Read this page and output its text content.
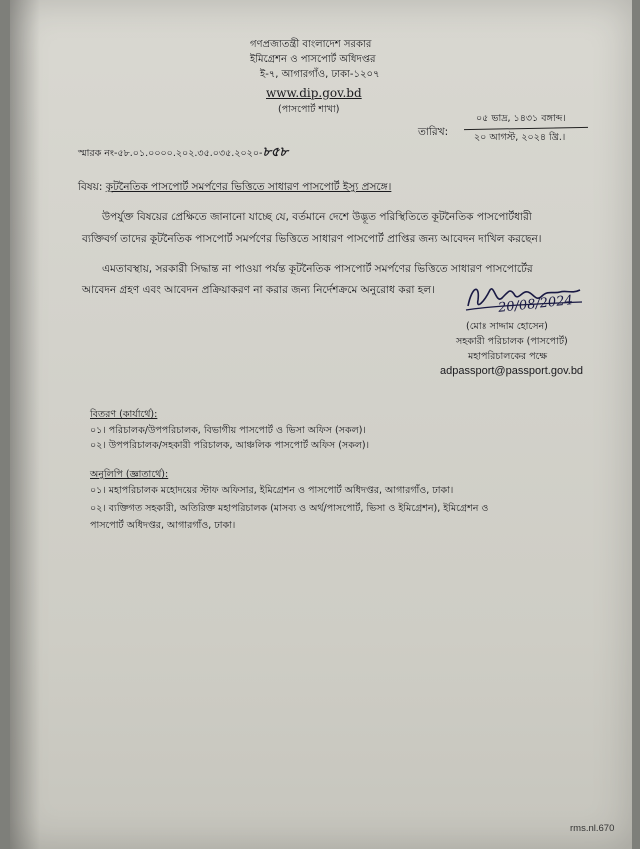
গণপ্রজাতন্ত্রী বাংলাদেশ সরকার
ইমিগ্রেশন ও পাসপোর্ট অধিদপ্তর
ই-৭, আগারগাঁও, ঢাকা-১২০৭
www.dip.gov.bd
(পাসপোর্ট শাখা)
স্মারক নং-৫৮.০১.০০০০.২০২.৩৫.০৩৫.২০২০-৮৫৮
তারিখ:
০৫ ভাদ্র, ১৪৩১ বঙ্গাব্দ।
২০ আগস্ট, ২০২৪ খ্রি.।
বিষয়: কূটনৈতিক পাসপোর্ট সমর্পণের ভিত্তিতে সাধারণ পাসপোর্ট ইস্যু প্রসঙ্গে।
উপর্যুক্ত বিষয়ের প্রেক্ষিতে জানানো যাচ্ছে যে, বর্তমানে দেশে উদ্ভূত পরিস্থিতিতে কূটনৈতিক পাসপোর্টধারী
ব্যক্তিবর্গ তাদের কূটনৈতিক পাসপোর্ট সমর্পণের ভিত্তিতে সাধারণ পাসপোর্ট প্রাপ্তির জন্য আবেদন দাখিল করছেন।
এমতাবস্থায়, সরকারী সিদ্ধান্ত না পাওয়া পর্যন্ত কূটনৈতিক পাসপোর্ট সমর্পণের ভিত্তিতে সাধারণ পাসপোর্টের
আবেদন গ্রহণ এবং আবেদন প্রক্রিয়াকরণ না করার জন্য নির্দেশক্রমে অনুরোধ করা হল।
20/08/2024
(মোঃ সাদ্দাম হোসেন)
সহকারী পরিচালক (পাসপোর্ট)
মহাপরিচালকের পক্ষে
adpassport@passport.gov.bd
বিতরণ (কার্যার্থে):
০১। পরিচালক/উপপরিচালক, বিভাগীয় পাসপোর্ট ও ভিসা অফিস (সকল)।
০২। উপপরিচালক/সহকারী পরিচালক, আঞ্চলিক পাসপোর্ট অফিস (সকল)।
অনুলিপি (জ্ঞাতার্থে):
০১। মহাপরিচালক মহোদয়ের স্টাফ অফিসার, ইমিগ্রেশন ও পাসপোর্ট অধিদপ্তর, আগারগাঁও, ঢাকা।
০২। ব্যক্তিগত সহকারী, অতিরিক্ত মহাপরিচালক (মাসব্য ও অর্থ/পাসপোর্ট, ভিসা ও ইমিগ্রেশন), ইমিগ্রেশন ও
পাসপোর্ট অধিদপ্তর, আগারগাঁও, ঢাকা।
rms.nl.670
